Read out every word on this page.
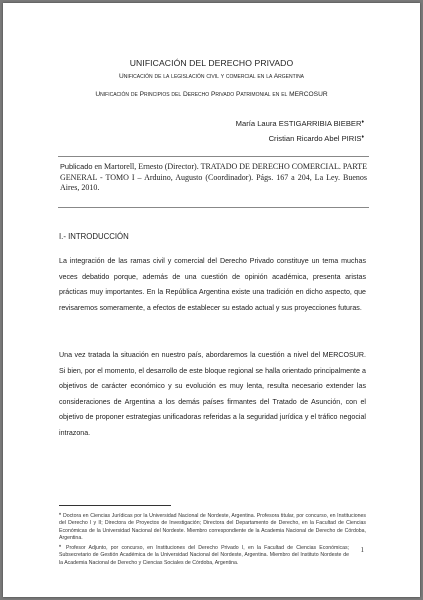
UNIFICACIÓN DEL DERECHO PRIVADO
Unificación de la legislación civil y comercial en la Argentina
Unificación de Principios del Derecho Privado Patrimonial en el MERCOSUR
María Laura ESTIGARRIBIA BIEBER♦
Cristian Ricardo Abel PIRIS♦
Publicado en Martorell, Ernesto (Director). TRATADO DE DERECHO COMERCIAL. PARTE GENERAL - TOMO I – Arduino, Augusto (Coordinador). Págs. 167 a 204, La Ley. Buenos Aires, 2010.
I.- INTRODUCCIÓN
La integración de las ramas civil y comercial del Derecho Privado constituye un tema muchas veces debatido porque, además de una cuestión de opinión académica, presenta aristas prácticas muy importantes. En la República Argentina existe una tradición en dicho aspecto, que revisaremos someramente, a efectos de establecer su estado actual y sus proyecciones futuras.
Una vez tratada la situación en nuestro país, abordaremos la cuestión a nivel del MERCOSUR. Si bien, por el momento, el desarrollo de este bloque regional se halla orientado principalmente a objetivos de carácter económico y su evolución es muy lenta, resulta necesario extender las consideraciones de Argentina a los demás países firmantes del Tratado de Asunción, con el objetivo de proponer estrategias unificadoras referidas a la seguridad jurídica y el tráfico negocial intrazona.
♦ Doctora en Ciencias Jurídicas por la Universidad Nacional de Nordeste, Argentina. Profesora titular, por concurso, en Instituciones del Derecho I y II; Directora de Proyectos de Investigación; Directora del Departamento de Derecho, en la Facultad de Ciencias Económicas de la Universidad Nacional del Nordeste. Miembro correspondiente de la Academia Nacional de Derecho de Córdoba, Argentina.
♦ Profesor Adjunto, por concurso, en Instituciones del Derecho Privado I, en la Facultad de Ciencias Económicas; Subsecretario de Gestión Académica de la Universidad Nacional del Nordeste, Argentina. Miembro del Instituto Nordeste de la Academia Nacional de Derecho y Ciencias Sociales de Córdoba, Argentina.
1
